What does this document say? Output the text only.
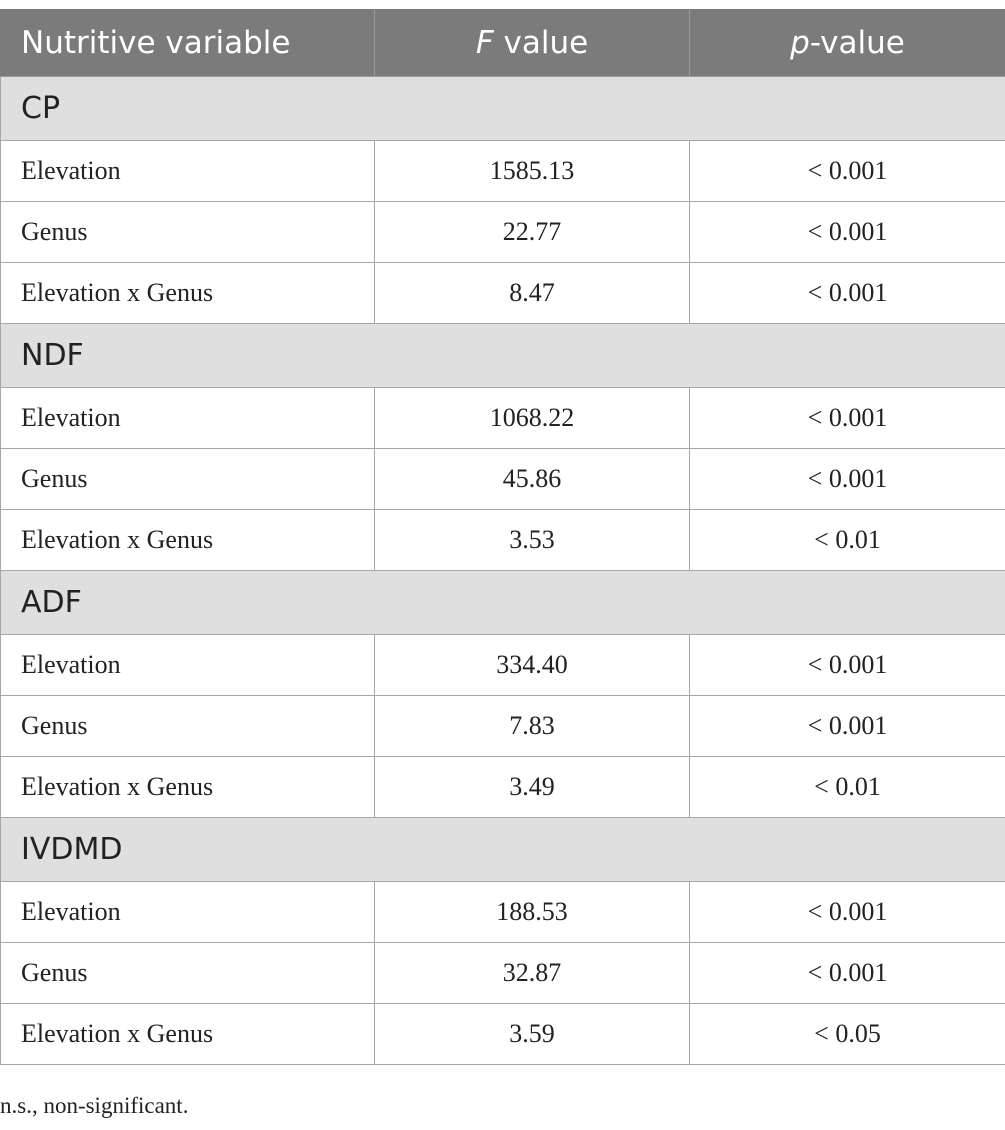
Nutritive variable	F value	p-value
CP		
Elevation	1585.13	< 0.001
Genus	22.77	< 0.001
Elevation x Genus	8.47	< 0.001
NDF		
Elevation	1068.22	< 0.001
Genus	45.86	< 0.001
Elevation x Genus	3.53	< 0.01
ADF		
Elevation	334.40	< 0.001
Genus	7.83	< 0.001
Elevation x Genus	3.49	< 0.01
IVDMD		
Elevation	188.53	< 0.001
Genus	32.87	< 0.001
Elevation x Genus	3.59	< 0.05
n.s., non-significant.
